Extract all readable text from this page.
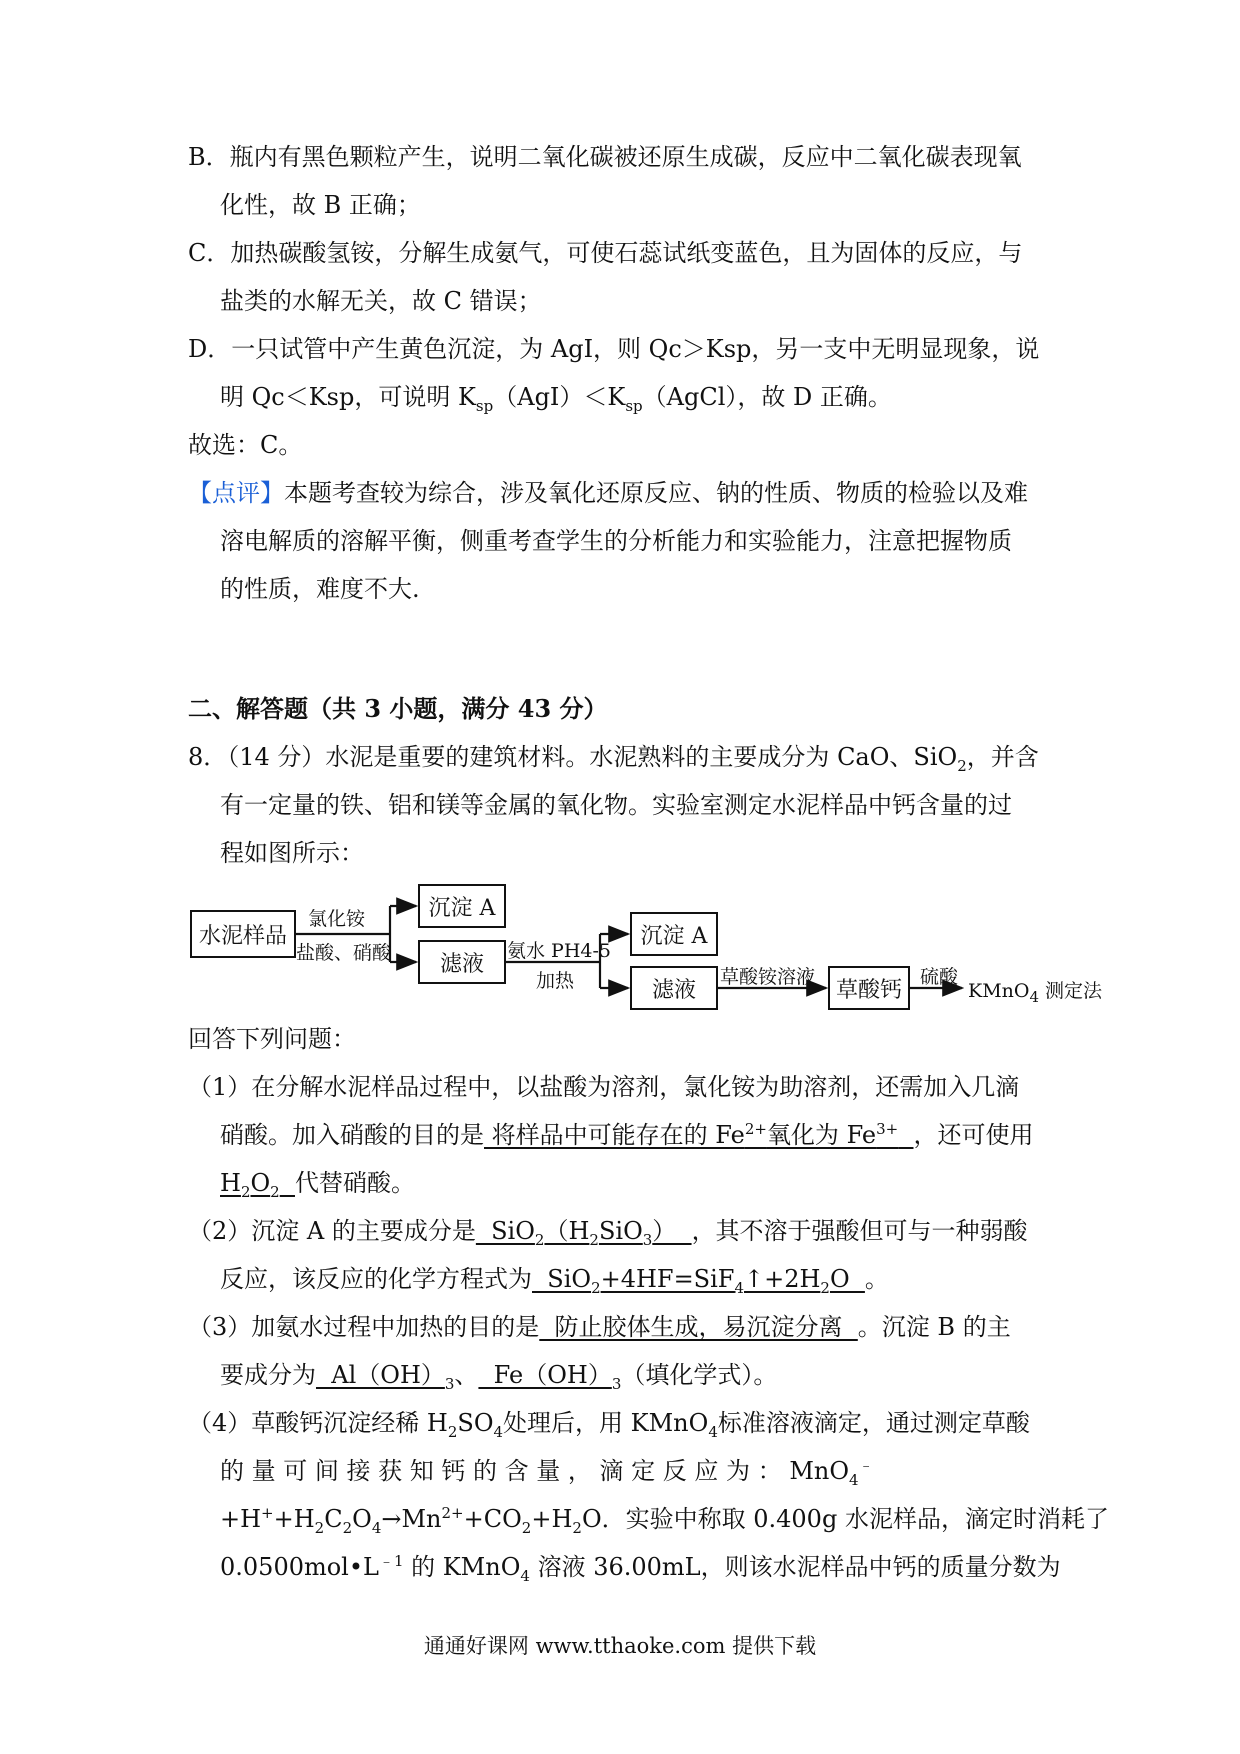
B．瓶内有黑色颗粒产生，说明二氧化碳被还原生成碳，反应中二氧化碳表现氧
化性，故 B 正确；
C．加热碳酸氢铵，分解生成氨气，可使石蕊试纸变蓝色，且为固体的反应，与
盐类的水解无关，故 C 错误；
D．一只试管中产生黄色沉淀，为 AgI，则 Qc＞Ksp，另一支中无明显现象，说
明 Qc＜Ksp，可说明 $K_{sp}(AgI)<K_{sp}(AgCl)$，故 D 正确。
故选：C。
【点评】本题考查较为综合，涉及氧化还原反应、钠的性质、物质的检验以及难
溶电解质的溶解平衡，侧重考查学生的分析能力和实验能力，注意把握物质
的性质，难度不大.
二、解答题（共 3 小题，满分 43 分）
8．（14 分）水泥是重要的建筑材料。水泥熟料的主要成分为 CaO、SiO$_2$，并含
有一定量的铁、铝和镁等金属的氧化物。实验室测定水泥样品中钙含量的过
程如图所示：
水泥样品
氯化铵
盐酸、硝酸
沉淀 A
滤液
氨水 PH4-5
加热
沉淀 A
滤液
草酸铵溶液
草酸钙
硫酸
KMnO$_4$ 测定法
回答下列问题：
（1）在分解水泥样品过程中，以盐酸为溶剂，氯化铵为助溶剂，还需加入几滴
硝酸。加入硝酸的目的是 将样品中可能存在的 $Fe^{2+}$氧化为 $Fe^{3+}$ ，还可使用
$H_2O_2$ 代替硝酸。
（2）沉淀 A 的主要成分是  $SiO_2(H_2SiO_3)$  ，其不溶于强酸但可与一种弱酸
反应，该反应的化学方程式为  $SiO_2+4HF=SiF_4↑+2H_2O$  。
（3）加氨水过程中加热的目的是  防止胶体生成，易沉淀分离  。沉淀 B 的主
要成分为  $Al(OH)_3$、  $Fe(OH)_3$（填化学式）。
（4）草酸钙沉淀经稀 $H_2SO_4$处理后，用 KMnO$_4$标准溶液滴定，通过测定草酸
的 量 可 间 接 获 知 钙 的 含 量 ， 滴 定 反 应 为 ： MnO$_4$﹣
$+H^++H_2C_2O_4\to Mn^{2+}+CO_2+H_2O$．实验中称取 0.400g 水泥样品，滴定时消耗了
$0.0500mol•L^{﹣1}$ 的 KMnO$_4$ 溶液 36.00mL，则该水泥样品中钙的质量分数为
通通好课网 www.tthaoke.com 提供下载
